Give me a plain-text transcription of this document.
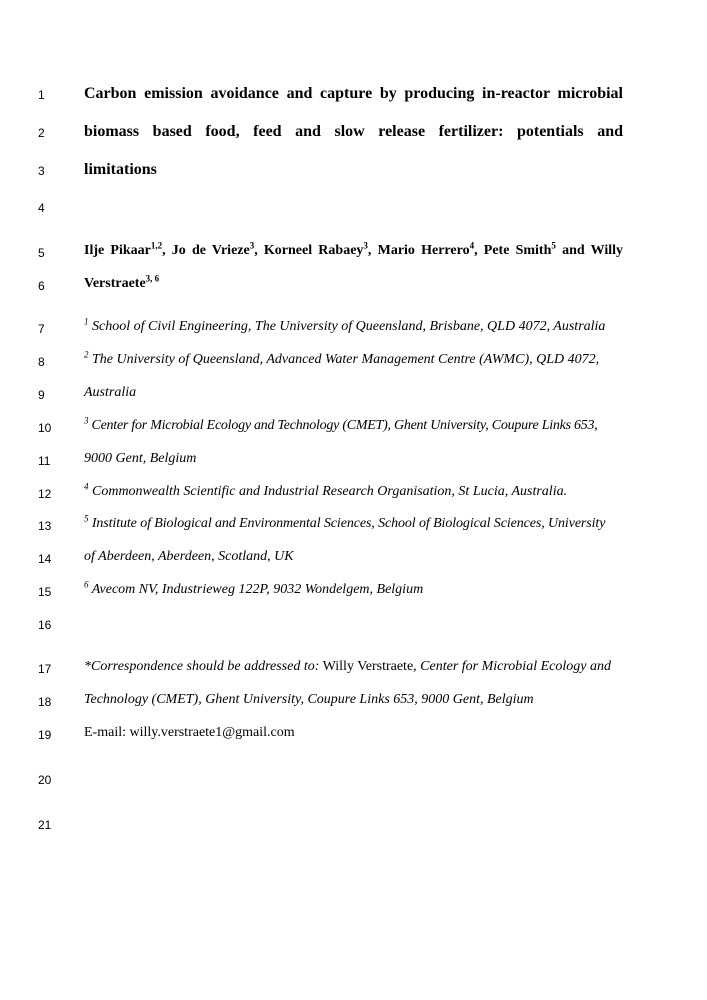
1
2
3
4
5
6
7
8
9
10
11
12
13
14
15
16
17
18
19
20
21
Carbon emission avoidance and capture by producing in-reactor microbial
biomass based food, feed and slow release fertilizer: potentials and
limitations
Ilje Pikaar$^{1,2}$, Jo de Vrieze$^3$, Korneel Rabaey$^3$, Mario Herrero$^4$, Pete Smith$^5$ and Willy
Verstraete$^{3, 6}$
$^1$ School of Civil Engineering, The University of Queensland, Brisbane, QLD 4072, Australia
$^2$ The University of Queensland, Advanced Water Management Centre (AWMC), QLD 4072,
Australia
$^3$ Center for Microbial Ecology and Technology (CMET), Ghent University, Coupure Links 653,
9000 Gent, Belgium
$^4$ Commonwealth Scientific and Industrial Research Organisation, St Lucia, Australia.
$^5$ Institute of Biological and Environmental Sciences, School of Biological Sciences, University
of Aberdeen, Aberdeen, Scotland, UK
$^6$ Avecom NV, Industrieweg 122P, 9032 Wondelgem, Belgium
*Correspondence should be addressed to: Willy Verstraete, Center for Microbial Ecology and
Technology (CMET), Ghent University, Coupure Links 653, 9000 Gent, Belgium
E-mail: willy.verstraete1@gmail.com
